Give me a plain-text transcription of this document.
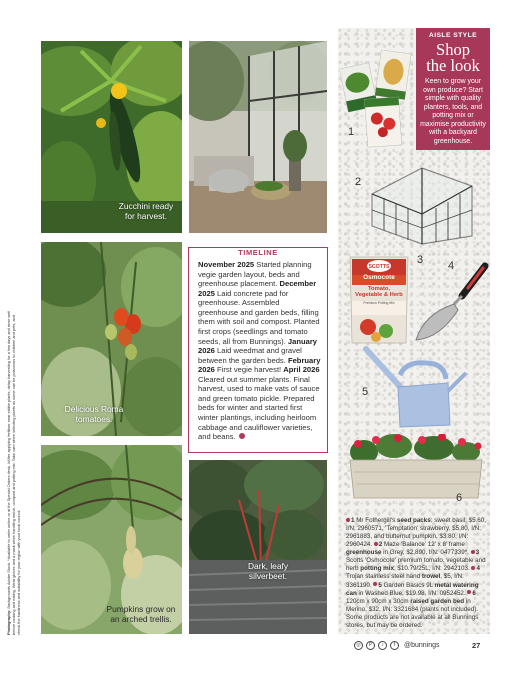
Photography: Backgrounds Adobe Stock. *Available to order online or at the Special Orders desk. #After applying fertiliser near edible plants, delay harvesting for a few days and rinse well before cooking and eating. Wear gloves and a mask when handling mulch, compost and potting mix. Take care when selecting plants as some can be poisonous to children and pets, and check the hardiness and suitability for your region with your local council.
Zucchini ready
for harvest.
Delicious Roma
tomatoes.
TIMELINE
November 2025 Started planning vegie garden layout, beds and greenhouse placement. December 2025 Laid concrete pad for greenhouse. Assembled greenhouse and garden beds, filling them with soil and compost. Planted first crops (seedlings and tomato seeds, all from Bunnings). January 2026 Laid weedmat and gravel between the garden beds. February 2026 First vegie harvest! April 2026 Cleared out summer plants. Final harvest, used to make vats of sauce and green tomato pickle. Prepared beds for winter and started first winter plantings, including heirloom cabbage and cauliflower varieties, and beans.
Pumpkins grow on
an arched trellis.
Dark, leafy
silverbeet.
1
2
SCOTTS
Osmocote
Tomato, Vegetable & Herb
Premium Potting Mix
3 4
5
6
AISLE STYLE
Shop
the look
Keen to grow your own produce? Start simple with quality planters, tools, and potting mix or maximise productivity with a backyard greenhouse.
1 Mr Fothergill's seed packs: sweet basil, $5.60, I/N: 2960571, 'Temptation' strawberry, $5.80, I/N: 2961883, and butternut pumpkin, $3.80, I/N: 2960424. 2 Maze 'Balance' 12' x 8' frame greenhouse in Grey, $2,890, I/N: 0477339*. 3 Scotts 'Osmocote' premium tomato, vegetable and herb potting mix, $10.79/25L, I/N: 2942103. 4 Trojan stainless steel hand trowel, $5, I/N: 3361190. 5 Garden Basics 9L metal watering can in Washed Blue, $19.98, I/N: 0952452. 6 120cm x 90cm x 30cm raised garden bed in Merino, $32, I/N: 3321684 (plants not included). Some products are not available at all Bunnings stores, but may be ordered.
◎	P	♪	f	@bunnings	27
